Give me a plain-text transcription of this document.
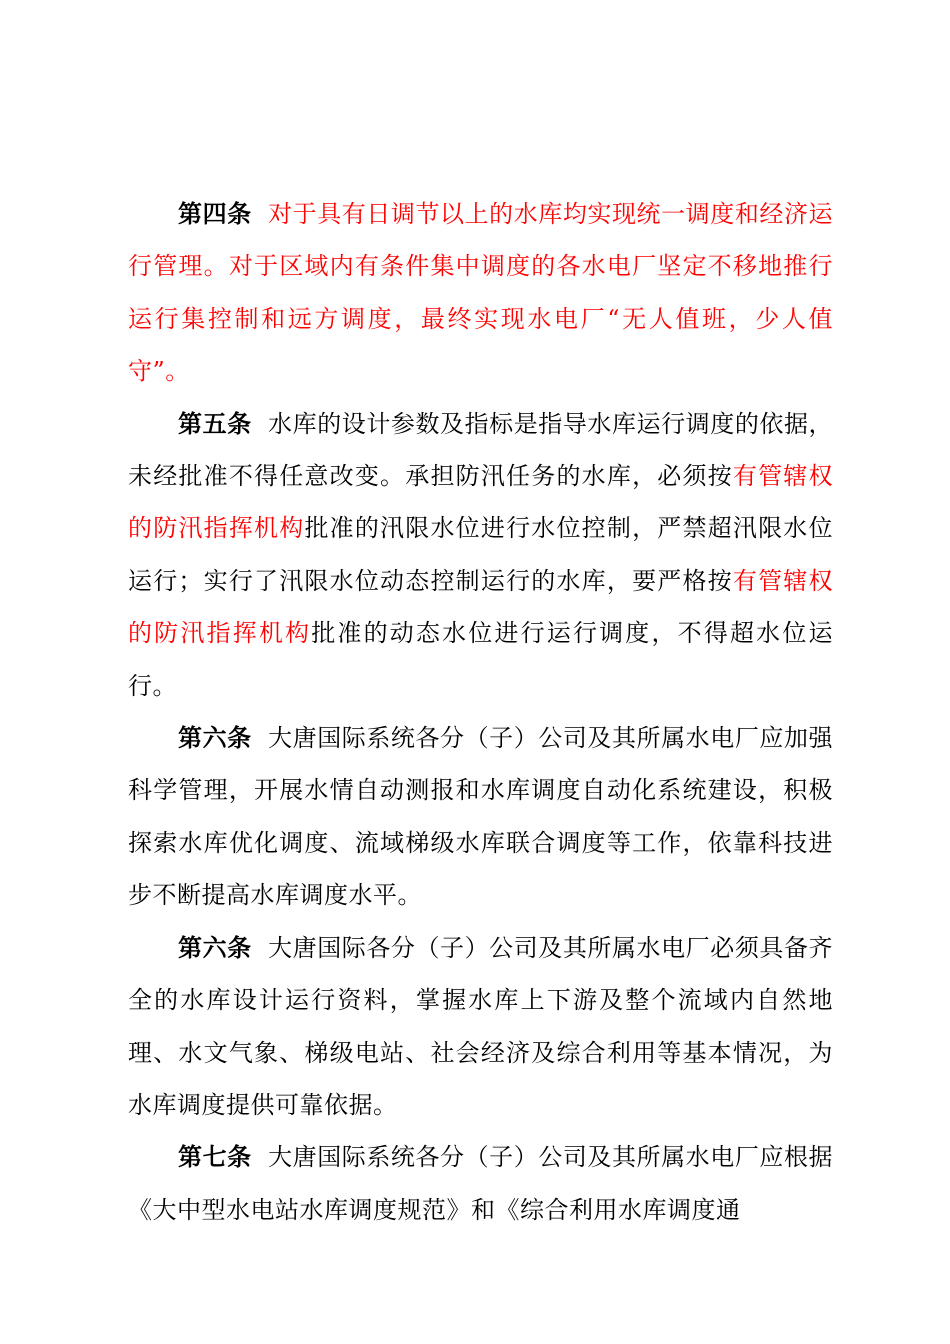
第四条 对于具有日调节以上的水库均实现统一调度和经济运行管理。对于区域内有条件集中调度的各水电厂坚定不移地推行运行集控制和远方调度，最终实现水电厂“无人值班，少人值守”。

第五条 水库的设计参数及指标是指导水库运行调度的依据，未经批准不得任意改变。承担防汛任务的水库，必须按有管辖权的防汛指挥机构批准的汛限水位进行水位控制，严禁超汛限水位运行；实行了汛限水位动态控制运行的水库，要严格按有管辖权的防汛指挥机构批准的动态水位进行运行调度，不得超水位运行。

第六条 大唐国际系统各分（子）公司及其所属水电厂应加强科学管理，开展水情自动测报和水库调度自动化系统建设，积极探索水库优化调度、流域梯级水库联合调度等工作，依靠科技进步不断提高水库调度水平。

第六条 大唐国际各分（子）公司及其所属水电厂必须具备齐全的水库设计运行资料，掌握水库上下游及整个流域内自然地理、水文气象、梯级电站、社会经济及综合利用等基本情况，为水库调度提供可靠依据。

第七条 大唐国际系统各分（子）公司及其所属水电厂应根据《大中型水电站水库调度规范》和《综合利用水库调度通
